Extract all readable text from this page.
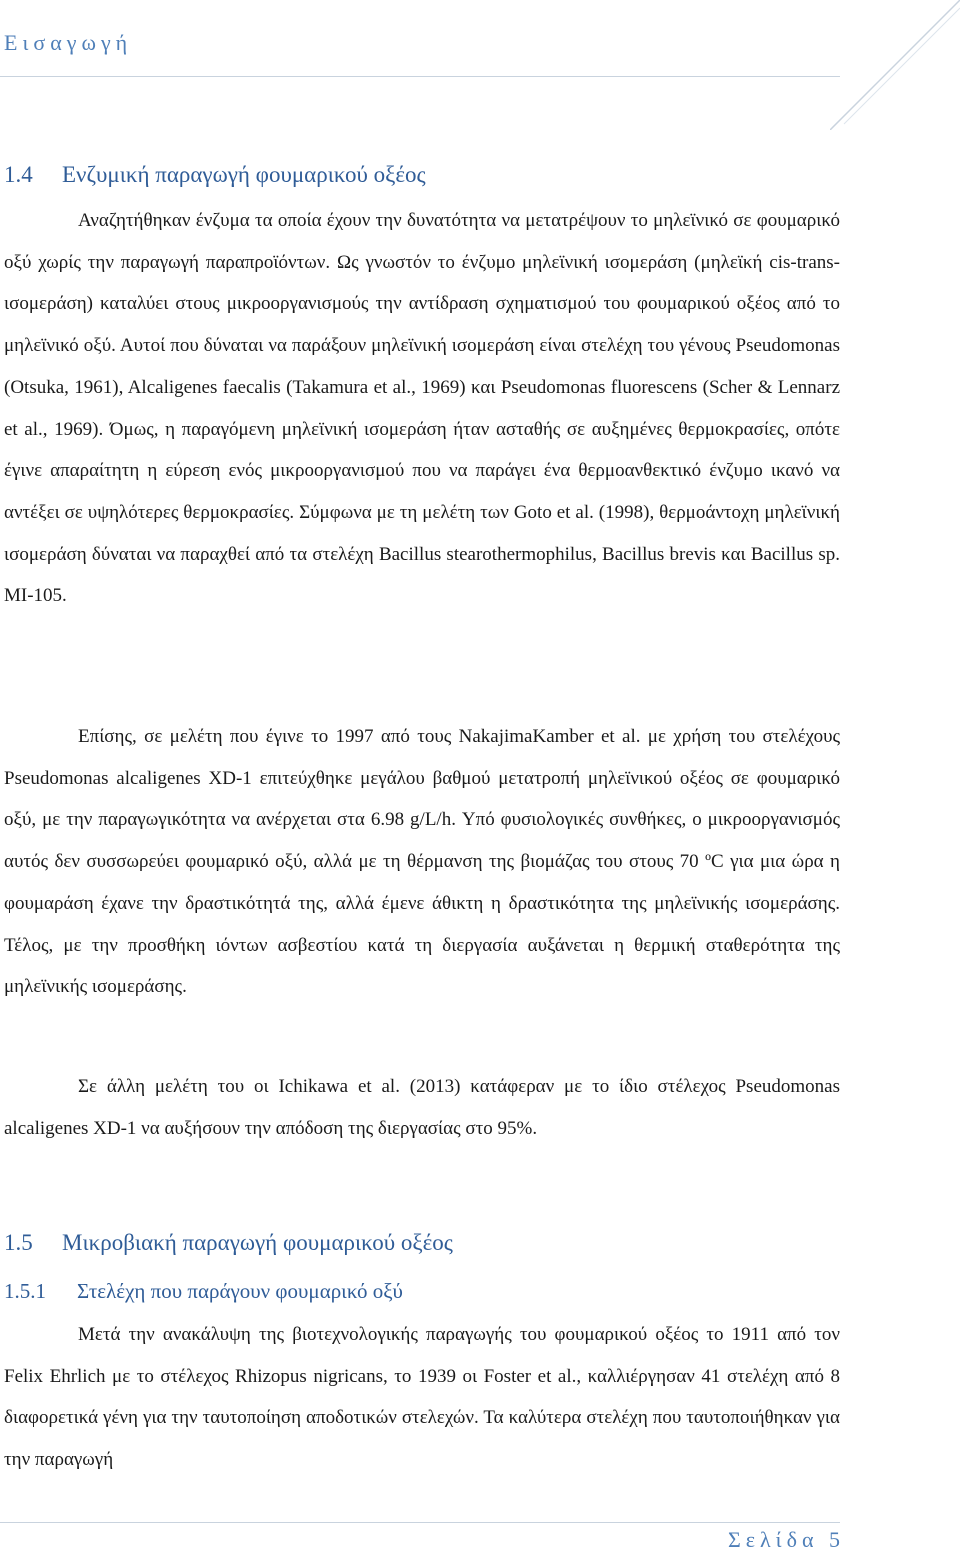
Εισαγωγή
1.4 Ενζυμική παραγωγή φουμαρικού οξέος

Αναζητήθηκαν ένζυμα τα οποία έχουν την δυνατότητα να μετατρέψουν το μηλεϊνικό σε φουμαρικό οξύ χωρίς την παραγωγή παραπροϊόντων. Ως γνωστόν το ένζυμο μηλεϊνική ισομεράση (μηλεϊκή cis-trans-ισομεράση) καταλύει στους μικροοργανισμούς την αντίδραση σχηματισμού του φουμαρικού οξέος από το μηλεϊνικό οξύ. Αυτοί που δύναται να παράξουν μηλεϊνική ισομεράση είναι στελέχη του γένους Pseudomonas (Otsuka, 1961), Alcaligenes faecalis (Takamura et al., 1969) και Pseudomonas fluorescens (Scher & Lennarz et al., 1969). Όμως, η παραγόμενη μηλεϊνική ισομεράση ήταν ασταθής σε αυξημένες θερμοκρασίες, οπότε έγινε απαραίτητη η εύρεση ενός μικροοργανισμού που να παράγει ένα θερμοανθεκτικό ένζυμο ικανό να αντέξει σε υψηλότερες θερμοκρασίες. Σύμφωνα με τη μελέτη των Goto et al. (1998), θερμοάντοχη μηλεϊνική ισομεράση δύναται να παραχθεί από τα στελέχη Bacillus stearothermophilus, Bacillus brevis και Bacillus sp. MI-105.

Επίσης, σε μελέτη που έγινε το 1997 από τους NakajimaKamber et al. με χρήση του στελέχους Pseudomonas alcaligenes XD-1 επιτεύχθηκε μεγάλου βαθμού μετατροπή μηλεϊνικού οξέος σε φουμαρικό οξύ, με την παραγωγικότητα να ανέρχεται στα 6.98 g/L/h. Υπό φυσιολογικές συνθήκες, ο μικροοργανισμός αυτός δεν συσσωρεύει φουμαρικό οξύ, αλλά με τη θέρμανση της βιομάζας του στους 70 ºC για μια ώρα η φουμαράση έχανε την δραστικότητά της, αλλά έμενε άθικτη η δραστικότητα της μηλεϊνικής ισομεράσης. Τέλος, με την προσθήκη ιόντων ασβεστίου κατά τη διεργασία αυξάνεται η θερμική σταθερότητα της μηλεϊνικής ισομεράσης.

Σε άλλη μελέτη του οι Ichikawa et al. (2013) κατάφεραν με το ίδιο στέλεχος Pseudomonas alcaligenes XD-1 να αυξήσουν την απόδοση της διεργασίας στο 95%.

1.5 Μικροβιακή παραγωγή φουμαρικού οξέος
1.5.1 Στελέχη που παράγουν φουμαρικό οξύ

Μετά την ανακάλυψη της βιοτεχνολογικής παραγωγής του φουμαρικού οξέος το 1911 από τον Felix Ehrlich με το στέλεχος Rhizopus nigricans, το 1939 οι Foster et al., καλλιέργησαν 41 στελέχη από 8 διαφορετικά γένη για την ταυτοποίηση αποδοτικών στελεχών. Τα καλύτερα στελέχη που ταυτοποιήθηκαν για την παραγωγή

Σελίδα 5
